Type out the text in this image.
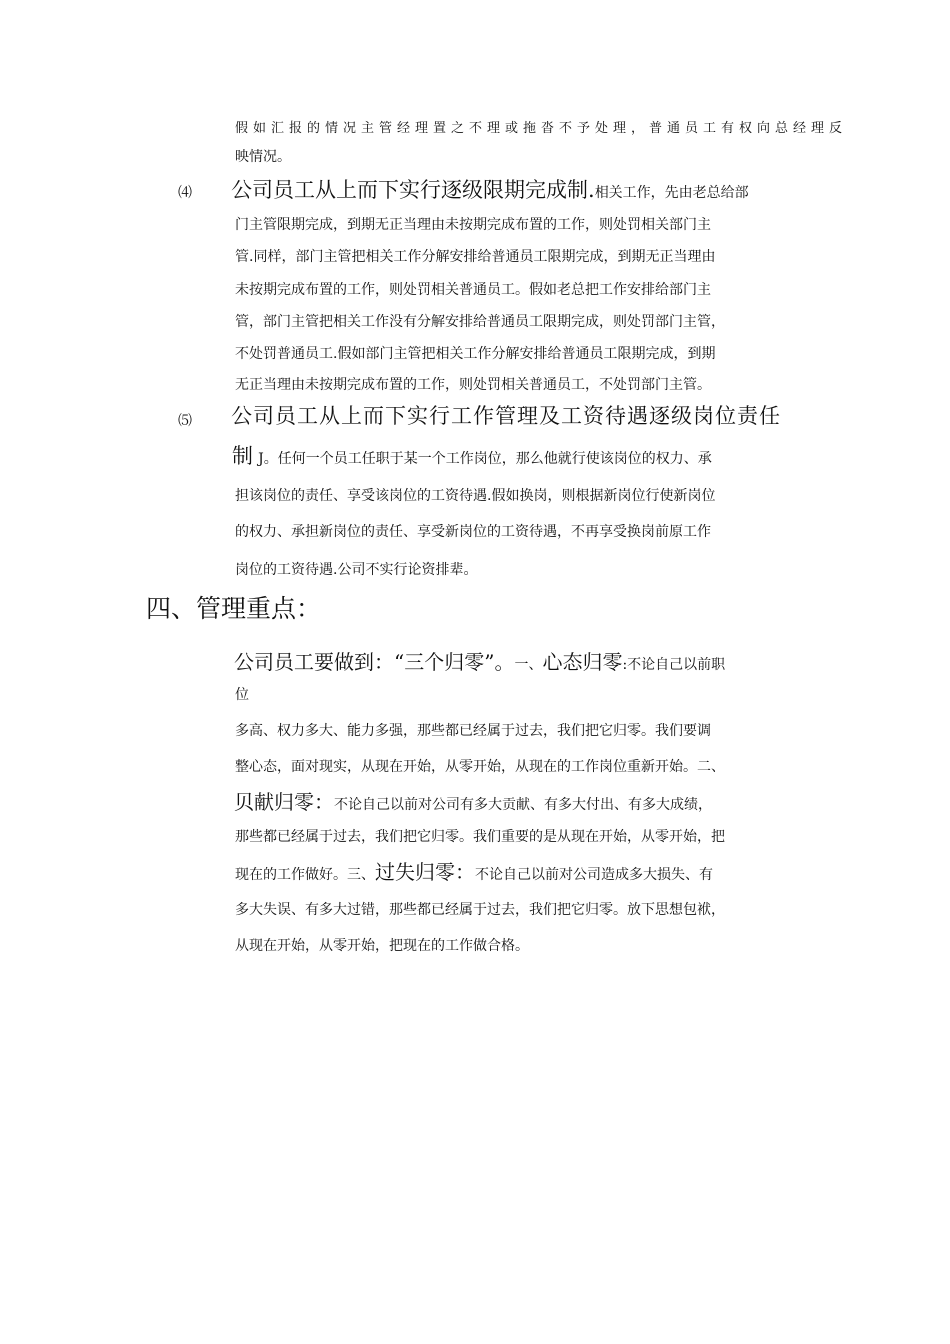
假如汇报的情况主管经理置之不理或拖沓不予处理，普通员工有权向总经理反
映情况。
⑷ 公司员工从上而下实行逐级限期完成制.相关工作，先由老总给部
门主管限期完成，到期无正当理由未按期完成布置的工作，则处罚相关部门主
管.同样，部门主管把相关工作分解安排给普通员工限期完成，到期无正当理由
未按期完成布置的工作，则处罚相关普通员工。假如老总把工作安排给部门主
管，部门主管把相关工作没有分解安排给普通员工限期完成，则处罚部门主管，
不处罚普通员工.假如部门主管把相关工作分解安排给普通员工限期完成，到期
无正当理由未按期完成布置的工作，则处罚相关普通员工，不处罚部门主管。
⑸ 公司员工从上而下实行工作管理及工资待遇逐级岗位责任
制 J。任何一个员工任职于某一个工作岗位，那么他就行使该岗位的权力、承
担该岗位的责任、享受该岗位的工资待遇.假如换岗，则根据新岗位行使新岗位
的权力、承担新岗位的责任、享受新岗位的工资待遇，不再享受换岗前原工作
岗位的工资待遇.公司不实行论资排辈。
四、管理重点：
公司员工要做到：“三个归零”。一、心态归零:不论自己以前职
位
多高、权力多大、能力多强，那些都已经属于过去，我们把它归零。我们要调
整心态，面对现实，从现在开始，从零开始，从现在的工作岗位重新开始。二、
贝献归零：不论自己以前对公司有多大贡献、有多大付出、有多大成绩，
那些都已经属于过去，我们把它归零。我们重要的是从现在开始，从零开始，把
现在的工作做好。三、过失归零：不论自己以前对公司造成多大损失、有
多大失误、有多大过错，那些都已经属于过去，我们把它归零。放下思想包袱，
从现在开始，从零开始，把现在的工作做合格。
